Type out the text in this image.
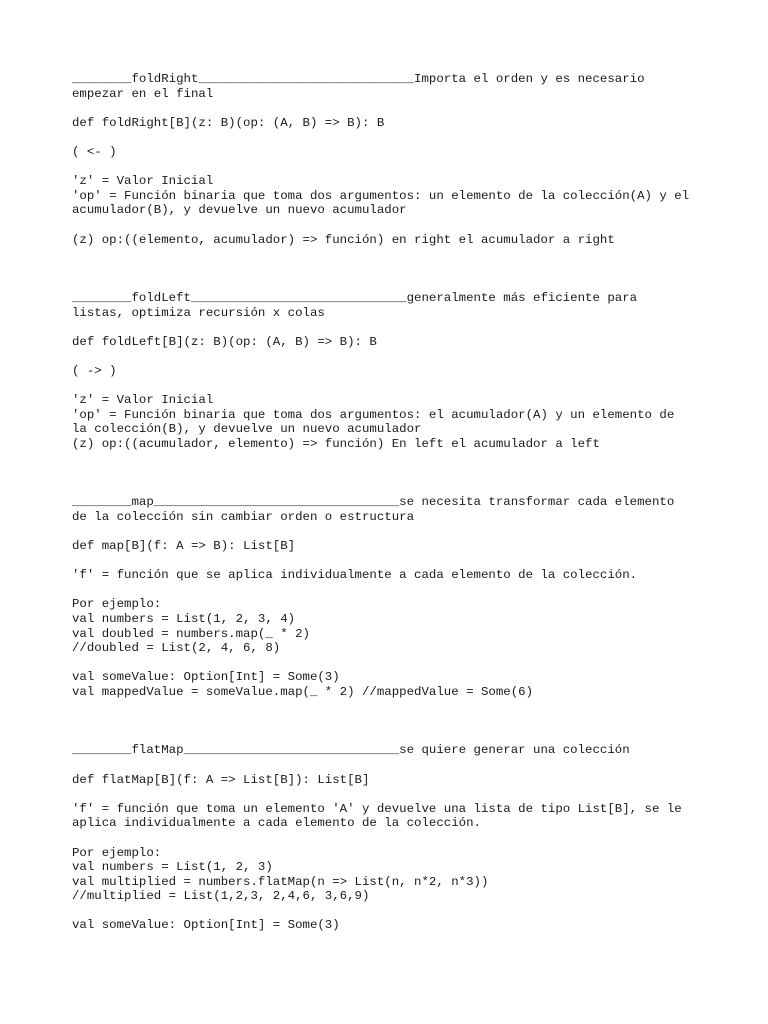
________foldRight_____________________________Importa el orden y es necesario

empezar en el final

def foldRight[B](z: B)(op: (A, B) => B): B

( <- )

'z' = Valor Inicial

'op' = Función binaria que toma dos argumentos: un elemento de la colección(A) y el

acumulador(B), y devuelve un nuevo acumulador

(z) op:((elemento, acumulador) => función) en right el acumulador a right

________foldLeft_____________________________generalmente más eficiente para

listas, optimiza recursión x colas

def foldLeft[B](z: B)(op: (A, B) => B): B

( -> )

'z' = Valor Inicial

'op' = Función binaria que toma dos argumentos: el acumulador(A) y un elemento de

la colección(B), y devuelve un nuevo acumulador

(z) op:((acumulador, elemento) => función) En left el acumulador a left

________map_________________________________se necesita transformar cada elemento

de la colección sin cambiar orden o estructura

def map[B](f: A => B): List[B]

'f' = función que se aplica individualmente a cada elemento de la colección.

Por ejemplo:

val numbers = List(1, 2, 3, 4)

val doubled = numbers.map(_ * 2)

//doubled = List(2, 4, 6, 8)

val someValue: Option[Int] = Some(3)

val mappedValue = someValue.map(_ * 2) //mappedValue = Some(6)

________flatMap_____________________________se quiere generar una colección

def flatMap[B](f: A => List[B]): List[B]

'f' = función que toma un elemento 'A' y devuelve una lista de tipo List[B], se le

aplica individualmente a cada elemento de la colección.

Por ejemplo:

val numbers = List(1, 2, 3)

val multiplied = numbers.flatMap(n => List(n, n*2, n*3))

//multiplied = List(1,2,3, 2,4,6, 3,6,9)

val someValue: Option[Int] = Some(3)
